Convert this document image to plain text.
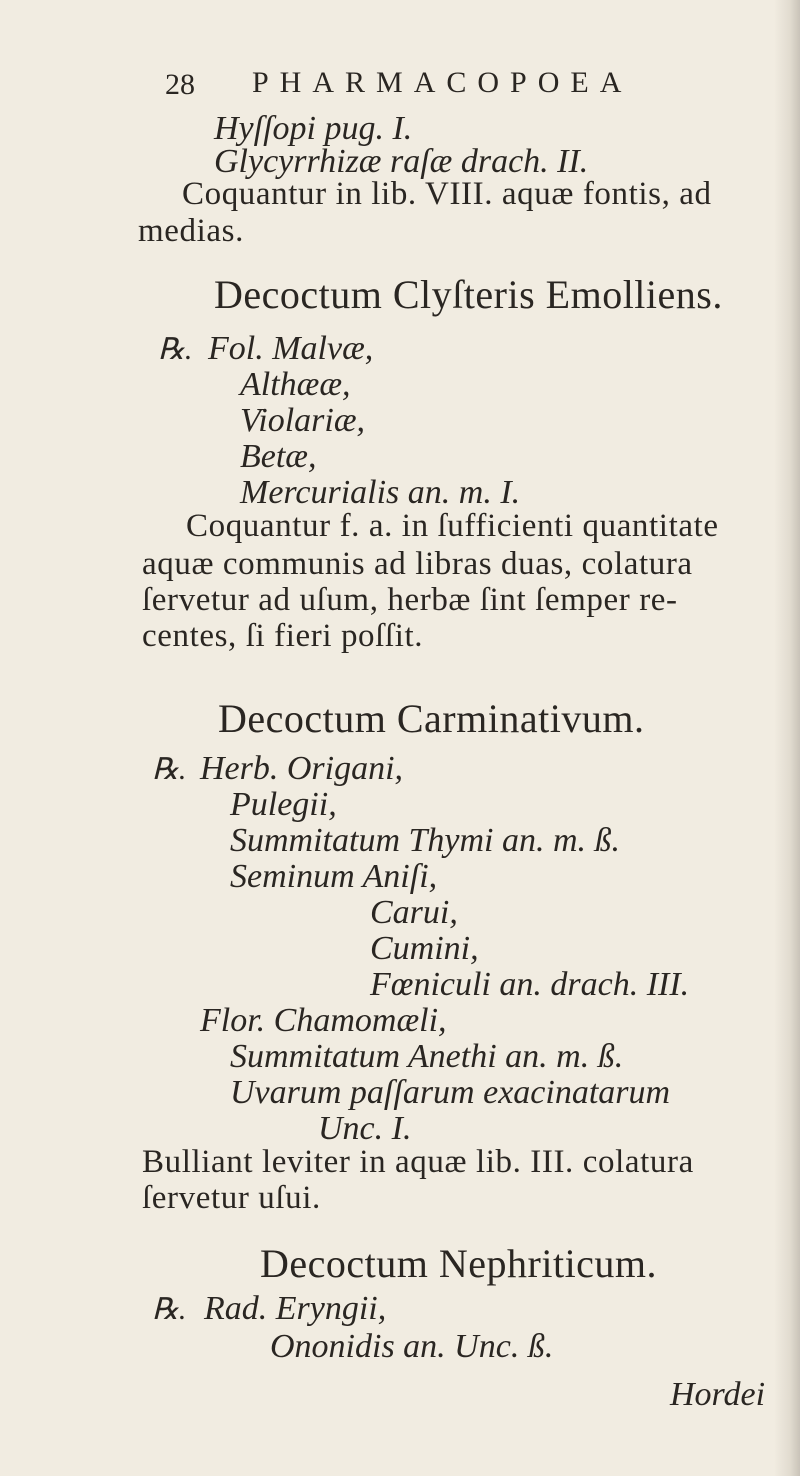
28 PHARMACOPOEA
Hyſſopi pug. I.
Glycyrrhizæ raſæ drach. II.
Coquantur in lib. VIII. aquæ fontis, ad
medias.
Decoctum Clyſteris Emolliens.
℞. Fol. Malvæ,
Althææ,
Violariæ,
Betæ,
Mercurialis an. m. I.
Coquantur f. a. in ſufficienti quantitate
aquæ communis ad libras duas, colatura
ſervetur ad uſum, herbæ ſint ſemper re-
centes, ſi fieri poſſit.
Decoctum Carminativum.
℞. Herb. Origani,
Pulegii,
Summitatum Thymi an. m. ß.
Seminum Aniſi,
Carui,
Cumini,
Fœniculi an. drach. III.
Flor. Chamomæli,
Summitatum Anethi an. m. ß.
Uvarum paſſarum exacinatarum
Unc. I.
Bulliant leviter in aquæ lib. III. colatura
ſervetur uſui.
Decoctum Nephriticum.
℞. Rad. Eryngii,
Ononidis an. Unc. ß.
Hordei
